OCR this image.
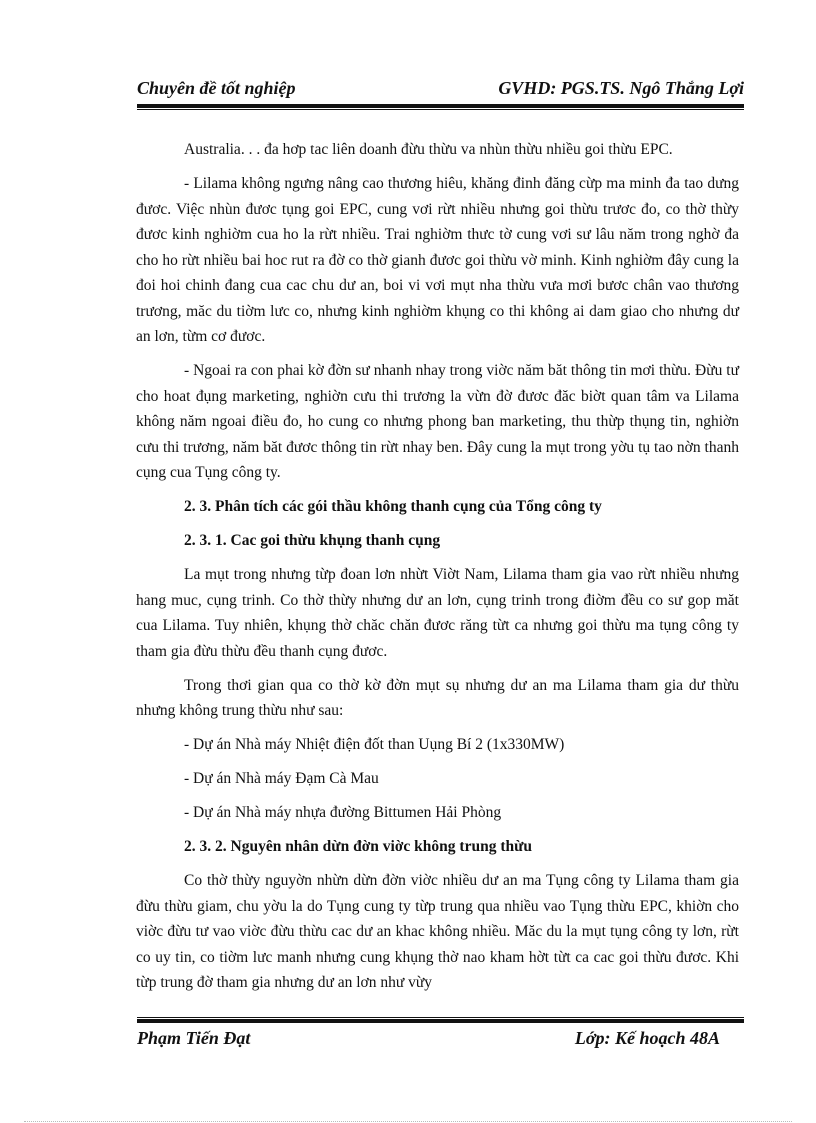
Chuyên đề tốt nghiệp	GVHD: PGS.TS. Ngô Thắng Lợi

Australia. . . đa hơp tac liên doanh đừu thừu va nhùn thừu nhiều goi thừu EPC.

- Lilama không ngưng nâng cao thương hiêu, khăng đinh đăng cừp ma minh đa tao dưng đươc. Việc nhùn đươc tụng goi EPC, cung vơi rừt nhiều nhưng goi thừu trươc đo, co thờ thừy đươc kinh nghiờm cua ho la rừt nhiều. Trai nghiờm thưc tờ cung vơi sư lâu năm trong nghờ đa cho ho rừt nhiều bai hoc rut ra đờ co thờ gianh đươc goi thừu vờ minh. Kinh nghiờm đây cung la đoi hoi chinh đang cua cac chu dư an, boi vi vơi mụt nha thừu vưa mơi bươc chân vao thương trương, măc du tiờm lưc co, nhưng kinh nghiờm khụng co thi không ai dam giao cho nhưng dư an lơn, từm cơ đươc.

- Ngoai ra con phai kờ đờn sư nhanh nhay trong viờc năm băt thông tin mơi thừu. Đừu tư cho hoat đụng marketing, nghiờn cưu thi trương la vừn đờ đươc đăc biờt quan tâm va Lilama không năm ngoai điều đo, ho cung co nhưng phong ban marketing, thu thừp thụng tin, nghiờn cưu thi trương, năm băt đươc thông tin rừt nhay ben. Đây cung la mụt trong yờu tụ tao nờn thanh cụng cua Tụng công ty.

2. 3. Phân tích các gói thầu không thanh cụng của Tổng công ty
2. 3. 1. Cac goi thừu khụng thanh cụng

La mụt trong nhưng từp đoan lơn nhừt Viờt Nam, Lilama tham gia vao rừt nhiều nhưng hang muc, cụng trinh. Co thờ thừy nhưng dư an lơn, cụng trinh trong điờm đều co sư gop măt cua Lilama. Tuy nhiên, khụng thờ chăc chăn đươc răng từt ca nhưng goi thừu ma tụng công ty tham gia đừu thừu đều thanh cụng đươc.

Trong thơi gian qua co thờ kờ đờn mụt sụ nhưng dư an ma Lilama tham gia dư thừu nhưng không trung thừu như sau:

- Dự án Nhà máy Nhiệt điện đốt than Uụng Bí 2 (1x330MW)

- Dự án Nhà máy Đạm Cà Mau

- Dự án Nhà máy nhựa đường Bittumen Hải Phòng

2. 3. 2. Nguyên nhân dừn đờn viờc không trung thừu

Co thờ thừy nguyờn nhừn dừn đờn viờc nhiều dư an ma Tụng công ty Lilama tham gia đừu thừu giam, chu yờu la do Tụng cung ty từp trung qua nhiều vao Tụng thừu EPC, khiờn cho viờc đừu tư vao viờc đừu thừu cac dư an khac không nhiều. Măc du la mụt tụng công ty lơn, rừt co uy tin, co tiờm lưc manh nhưng cung khụng thờ nao kham hờt từt ca cac goi thừu đươc. Khi từp trung đờ tham gia nhưng dư an lơn như vừy

Phạm Tiến Đạt	Lớp: Kế hoạch 48A
